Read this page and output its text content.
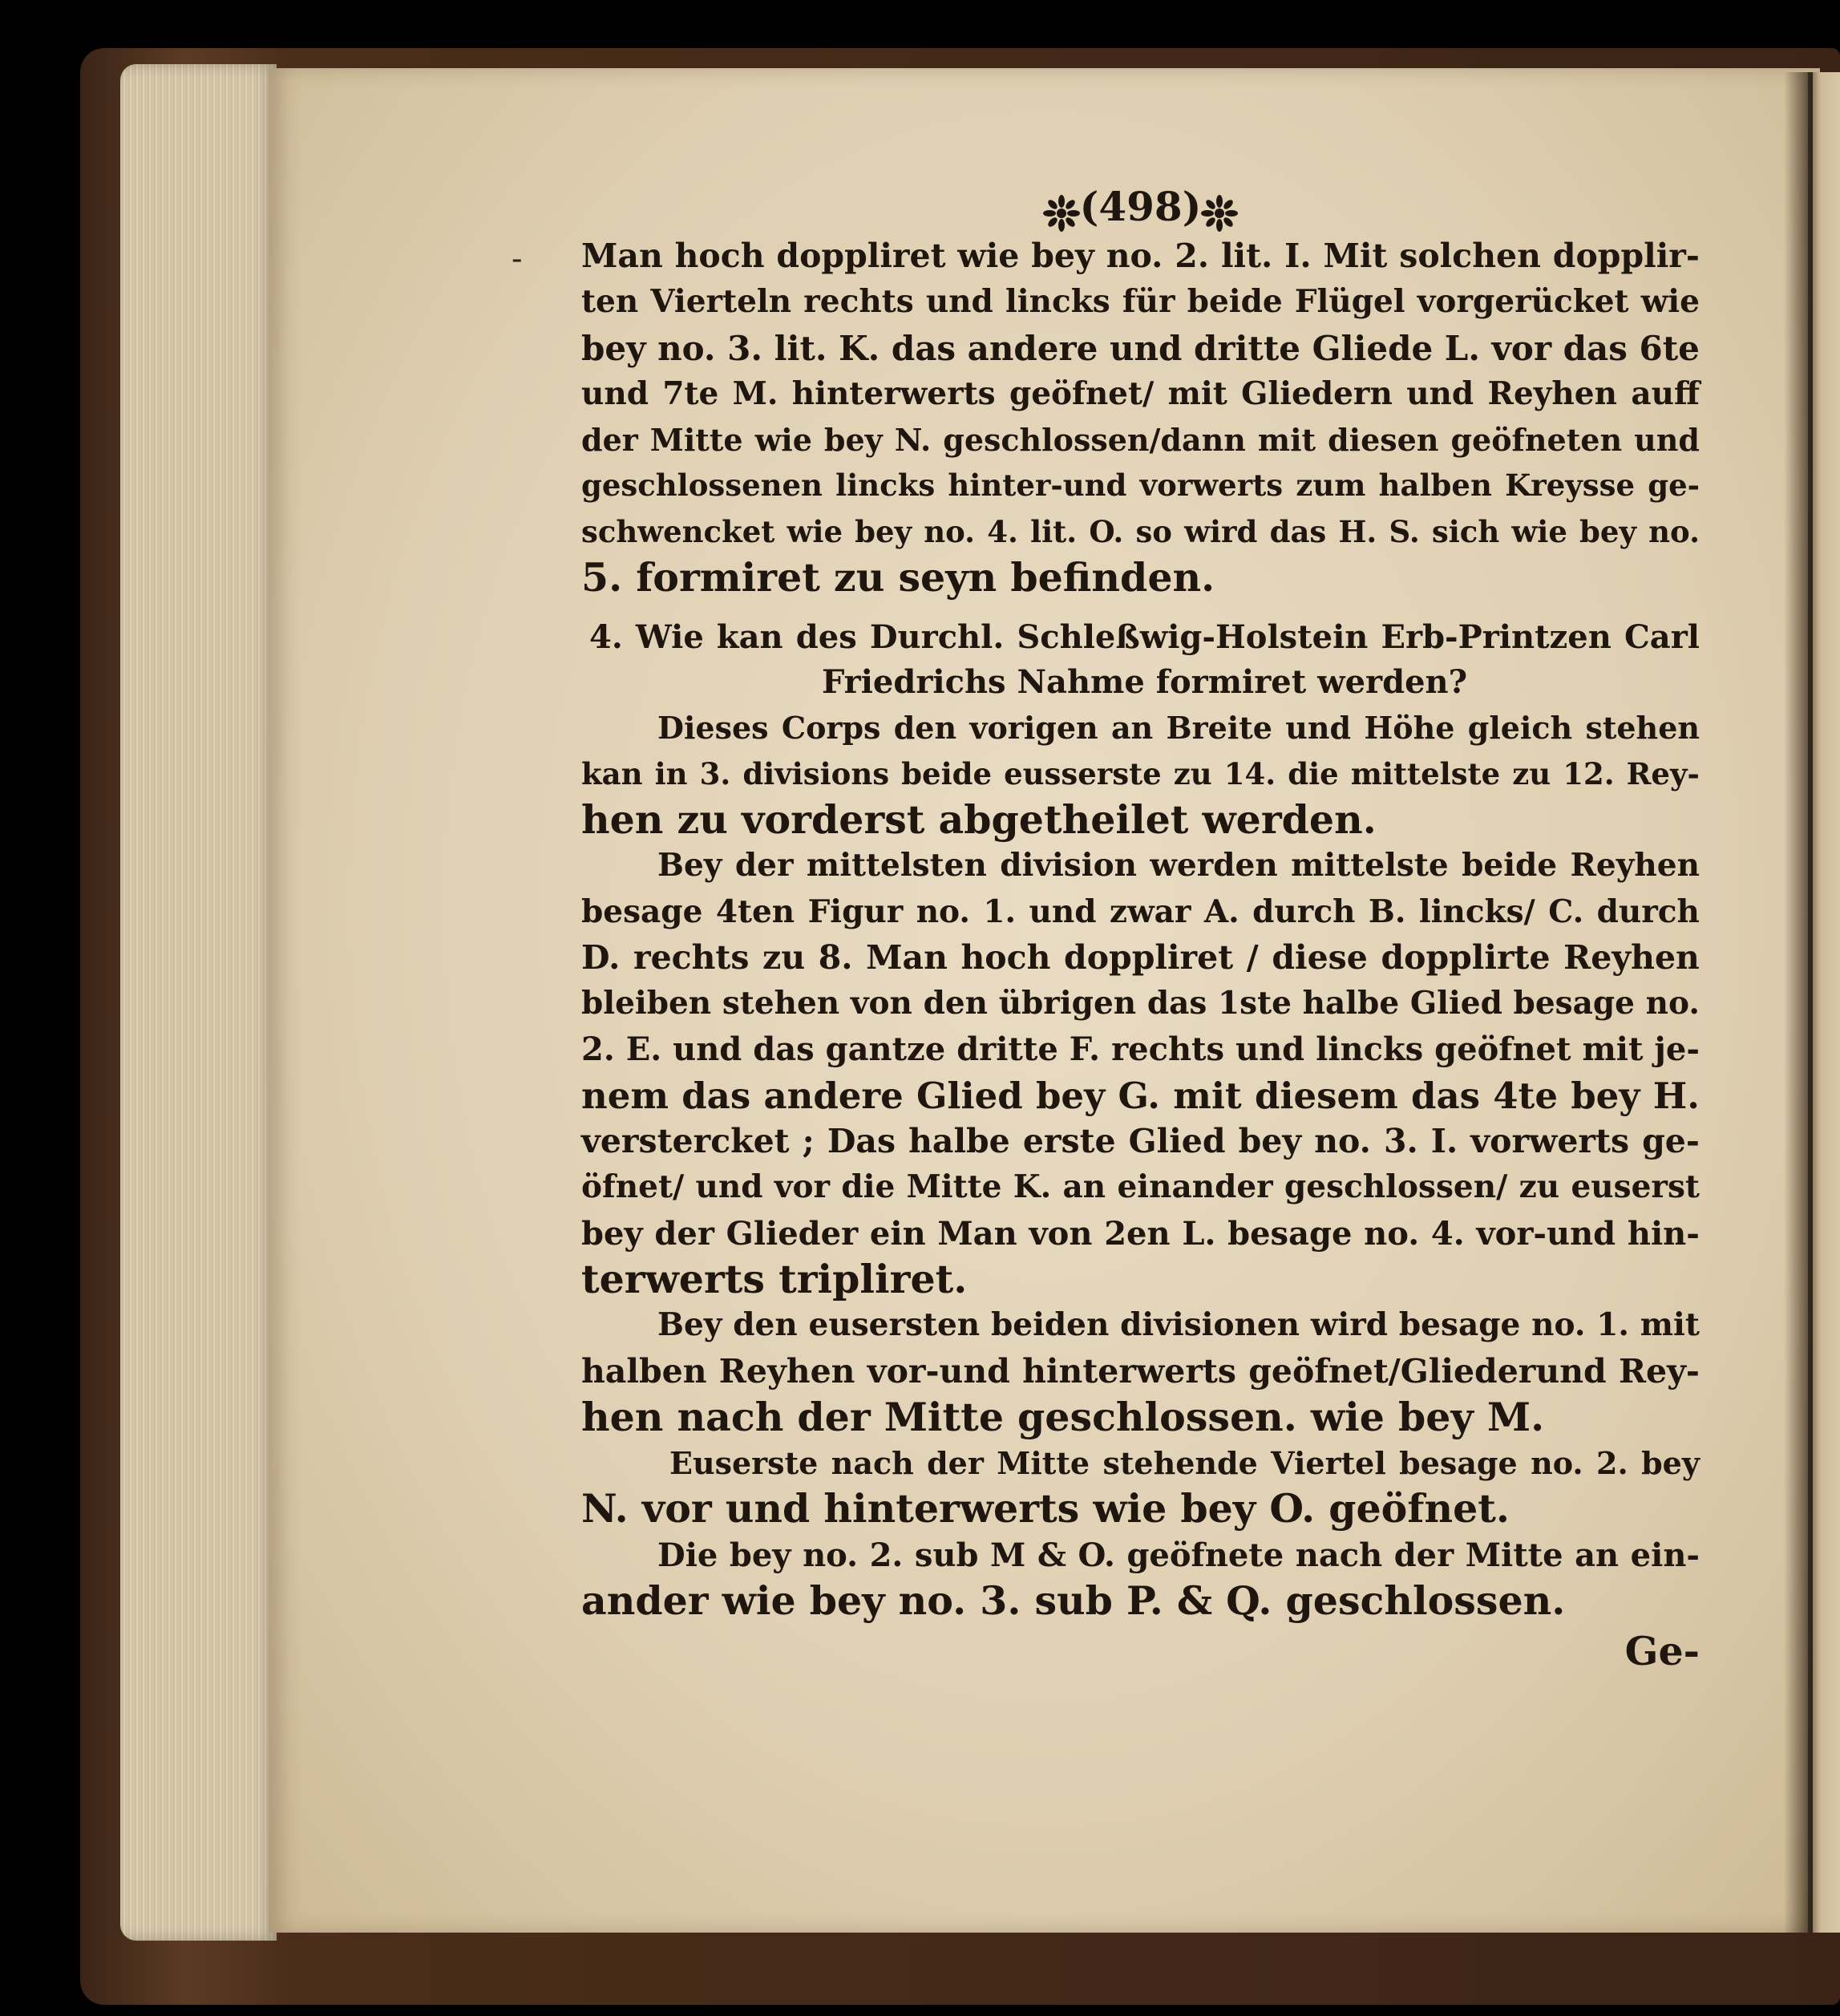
-
(498)
Man hoch doppliret wie bey no. 2. lit. I. Mit solchen dopplir-
ten Vierteln rechts und lincks für beide Flügel vorgerücket wie
bey no. 3. lit. K. das andere und dritte Gliede L. vor das 6te
und 7te M. hinterwerts geöfnet/ mit Gliedern und Reyhen auff
der Mitte wie bey N. geschlossen/dann mit diesen geöfneten und
geschlossenen lincks hinter-und vorwerts zum halben Kreysse ge-
schwencket wie bey no. 4. lit. O. so wird das H. S. sich wie bey no.
5. formiret zu seyn befinden.
4. Wie kan des Durchl. Schleßwig-Holstein Erb-Printzen Carl
Friedrichs Nahme formiret werden?
Dieses Corps den vorigen an Breite und Höhe gleich stehen
kan in 3. divisions beide eusserste zu 14. die mittelste zu 12. Rey-
hen zu vorderst abgetheilet werden.
Bey der mittelsten division werden mittelste beide Reyhen
besage 4ten Figur no. 1. und zwar A. durch B. lincks/ C. durch
D. rechts zu 8. Man hoch doppliret / diese dopplirte Reyhen
bleiben stehen von den übrigen das 1ste halbe Glied besage no.
2. E. und das gantze dritte F. rechts und lincks geöfnet mit je-
nem das andere Glied bey G. mit diesem das 4te bey H.
verstercket ; Das halbe erste Glied bey no. 3. I. vorwerts ge-
öfnet/ und vor die Mitte K. an einander geschlossen/ zu euserst
bey der Glieder ein Man von 2en L. besage no. 4. vor-und hin-
terwerts tripliret.
Bey den eusersten beiden divisionen wird besage no. 1. mit
halben Reyhen vor-und hinterwerts geöfnet/Gliederund Rey-
hen nach der Mitte geschlossen. wie bey M.
Euserste nach der Mitte stehende Viertel besage no. 2. bey
N. vor und hinterwerts wie bey O. geöfnet.
Die bey no. 2. sub M & O. geöfnete nach der Mitte an ein-
ander wie bey no. 3. sub P. & Q. geschlossen.
Ge-
